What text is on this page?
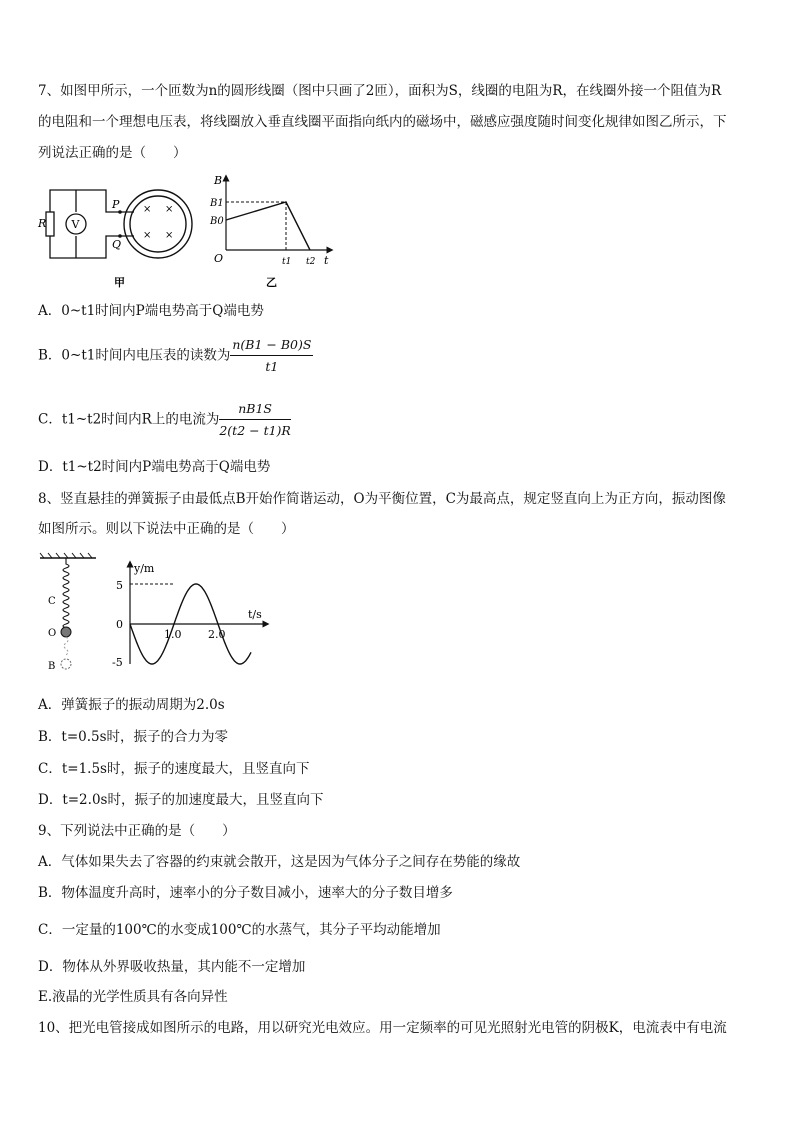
7、如图甲所示，一个匝数为n的圆形线圈（图中只画了2匝），面积为S，线圈的电阻为R，在线圈外接一个阻值为R
的电阻和一个理想电压表，将线圈放入垂直线圈平面指向纸内的磁场中，磁感应强度随时间变化规律如图乙所示，下
列说法正确的是（　　）
R V
P
Q
× ×
× ×
甲
B
t
B1
B0
O	t1 t2
乙
A．0~t1时间内P端电势高于Q端电势
B．0~t1时间内电压表的读数为 $\frac{n(B1 - B0)S}{t1}$
C．t1~t2时间内R上的电流为 $\frac{nB1S}{2(t2 - t1)R}$
D．t1~t2时间内P端电势高于Q端电势
8、竖直悬挂的弹簧振子由最低点B开始作简谐运动，O为平衡位置，C为最高点，规定竖直向上为正方向，振动图像
如图所示。则以下说法中正确的是（　　）
C
O
B
y/m
t/s
5
0
-5
1.0 2.0
A．弹簧振子的振动周期为2.0s
B．t=0.5s时，振子的合力为零
C．t=1.5s时，振子的速度最大，且竖直向下
D．t=2.0s时，振子的加速度最大，且竖直向下
9、下列说法中正确的是（　　）
A．气体如果失去了容器的约束就会散开，这是因为气体分子之间存在势能的缘故
B．物体温度升高时，速率小的分子数目减小，速率大的分子数目增多
C．一定量的100℃的水变成100℃的水蒸气，其分子平均动能增加
D．物体从外界吸收热量，其内能不一定增加
E.液晶的光学性质具有各向异性
10、把光电管接成如图所示的电路，用以研究光电效应。用一定频率的可见光照射光电管的阴极K，电流表中有电流
